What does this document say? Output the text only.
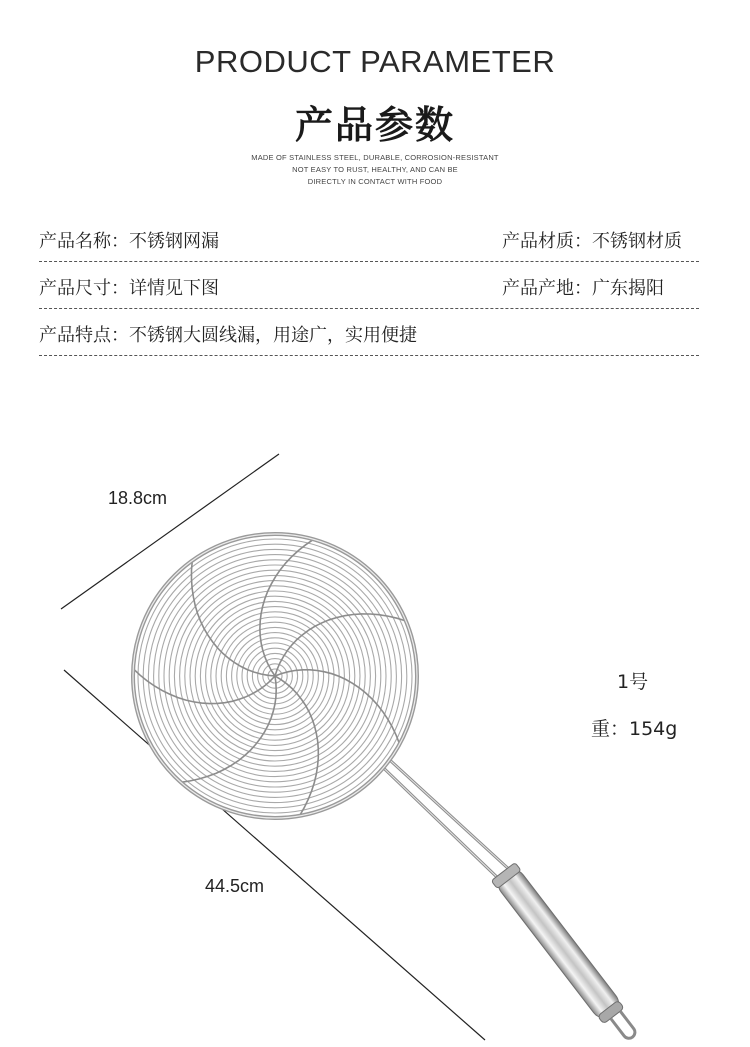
PRODUCT PARAMETER
产品参数
MADE OF STAINLESS STEEL, DURABLE, CORROSION-RESISTANT
NOT EASY TO RUST, HEALTHY, AND CAN BE
DIRECTLY IN CONTACT WITH FOOD
产品名称：不锈钢网漏	产品材质：不锈钢材质
产品尺寸：详情见下图	产品产地：广东揭阳
产品特点：不锈钢大圆线漏，用途广，实用便捷
18.8cm
44.5cm
1号
重：154g
